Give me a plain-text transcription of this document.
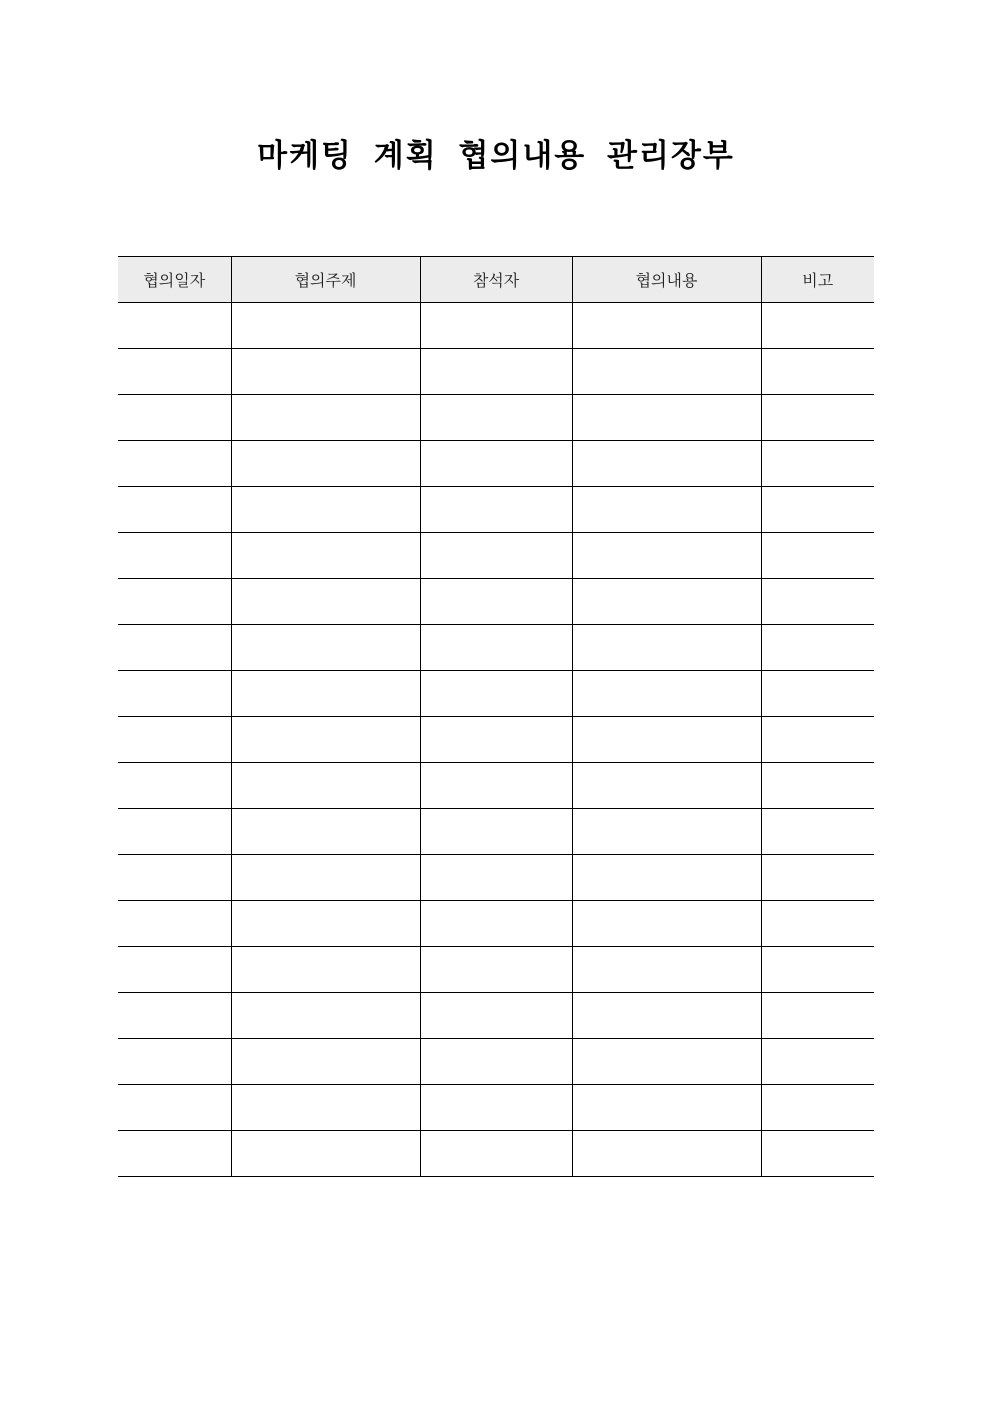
마케팅 계획 협의내용 관리장부
협의일자	협의주제	참석자	협의내용	비고
